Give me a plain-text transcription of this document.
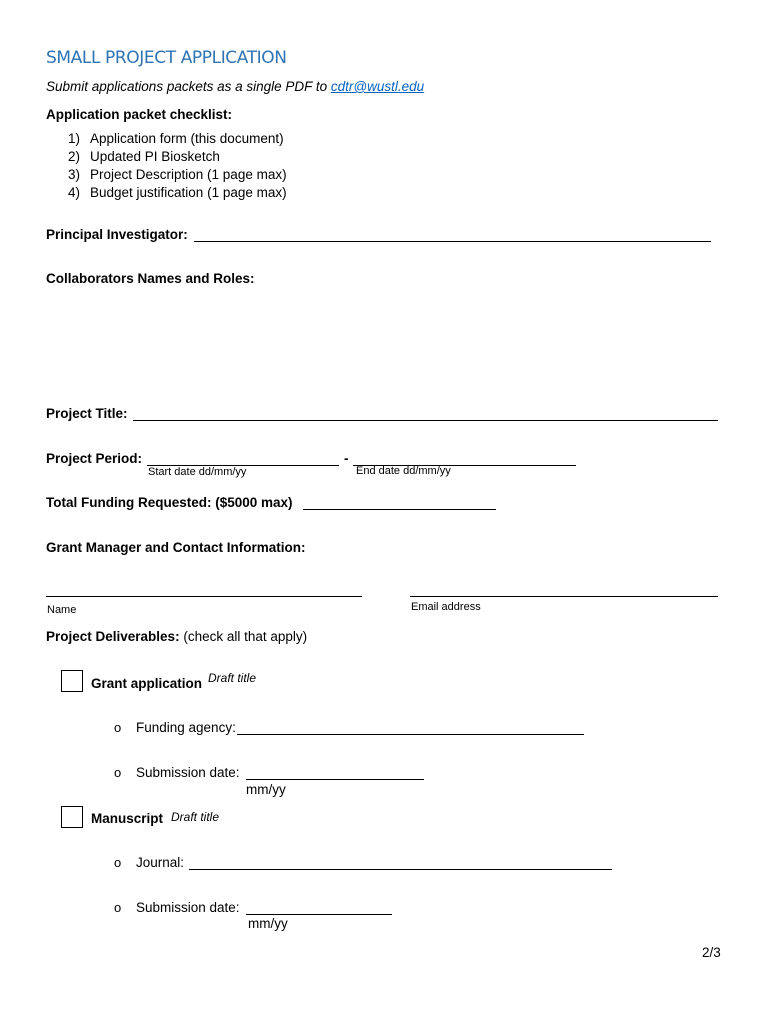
SMALL PROJECT APPLICATION
Submit applications packets as a single PDF to cdtr@wustl.edu
Application packet checklist:
1) Application form (this document)
2) Updated PI Biosketch
3) Project Description (1 page max)
4) Budget justification (1 page max)
Principal Investigator:
Collaborators Names and Roles:
Project Title:
Project Period:	-
Start date dd/mm/yy	End date dd/mm/yy
Total Funding Requested: ($5000 max)
Grant Manager and Contact Information:
Name	Email address
Project Deliverables: (check all that apply)
Grant application Draft title
o Funding agency:
o Submission date:
mm/yy
Manuscript Draft title
o Journal:
o Submission date:
mm/yy
2/3
